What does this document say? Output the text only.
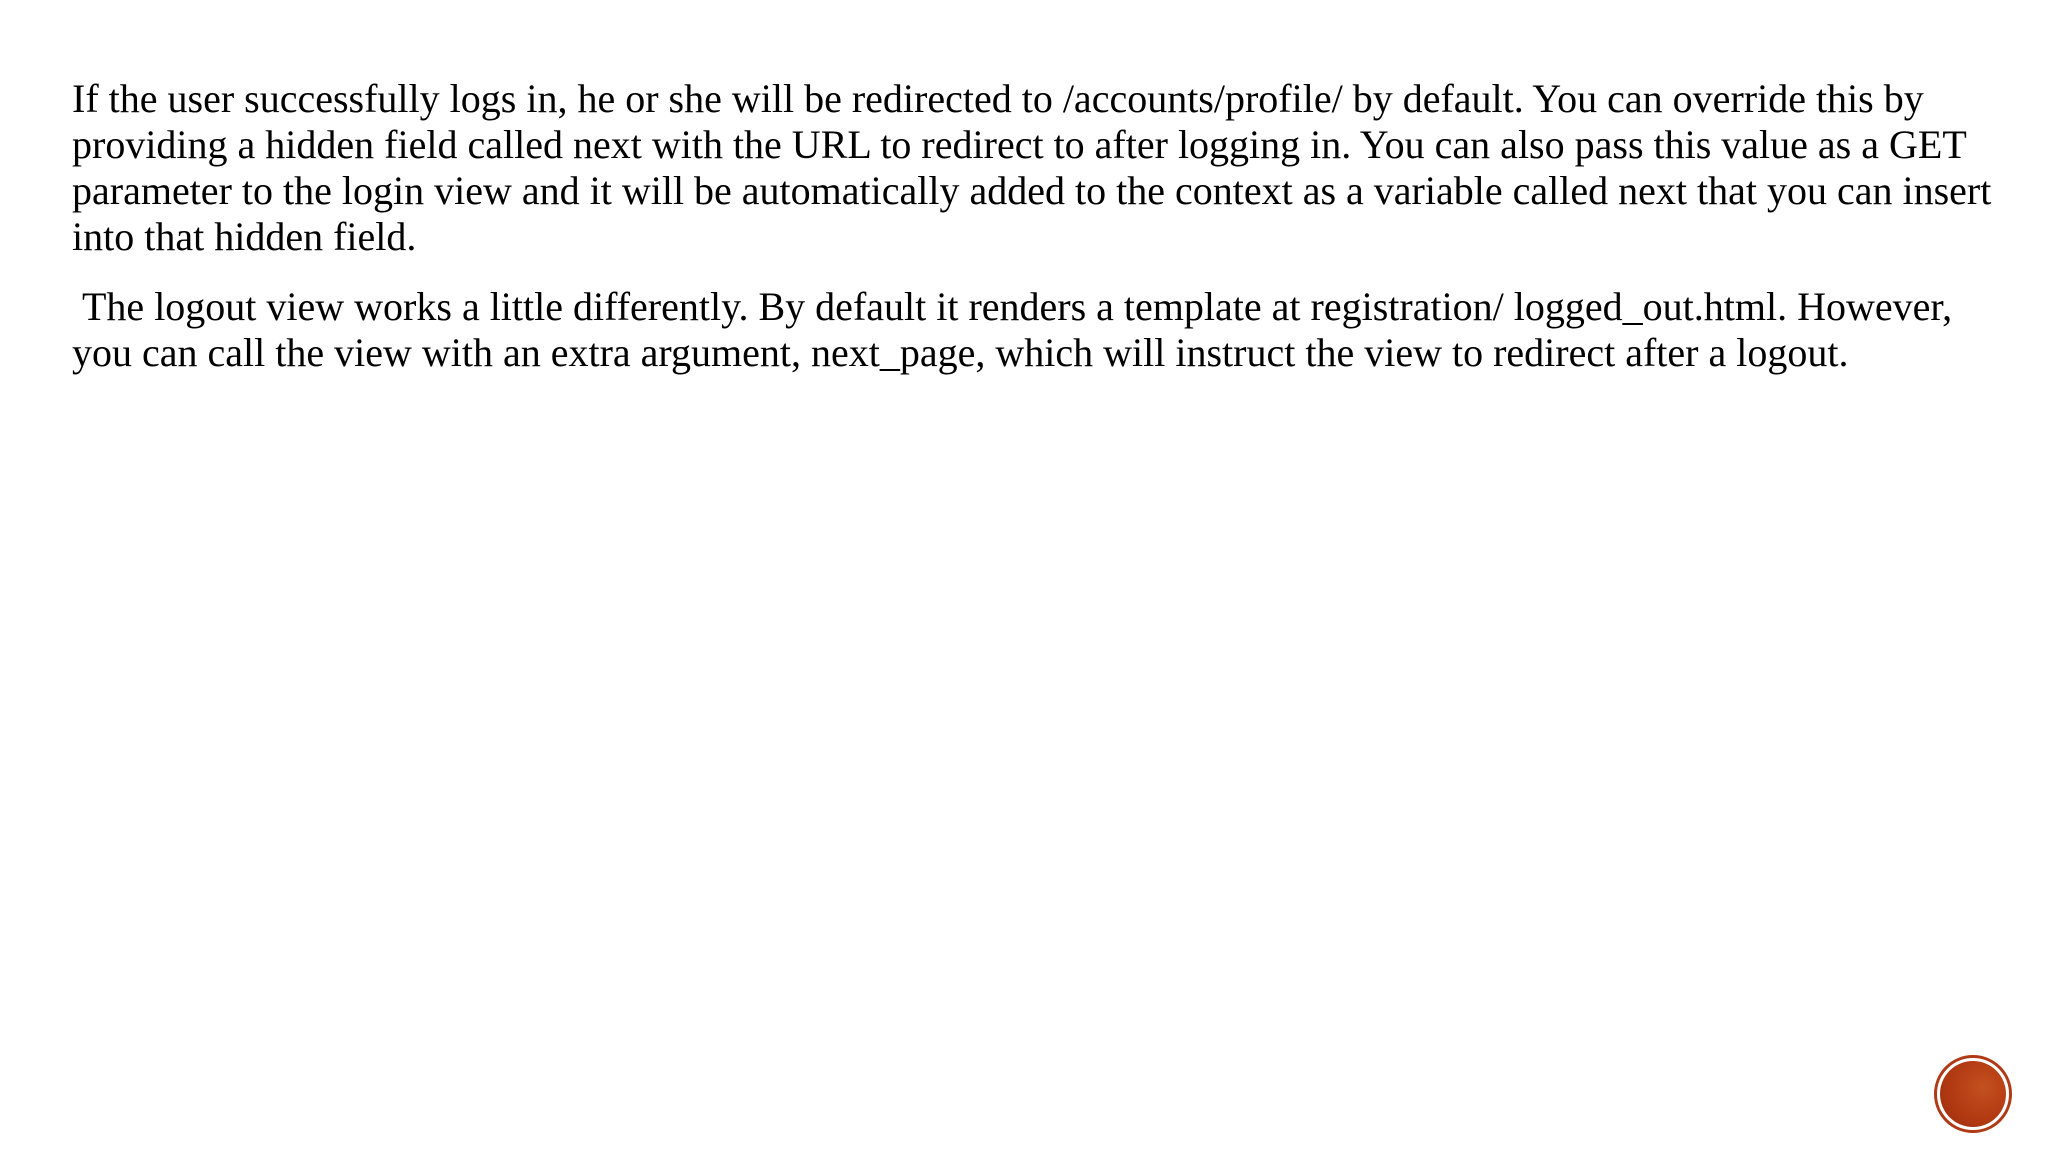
If the user successfully logs in, he or she will be redirected to /accounts/profile/ by default. You can override this by providing a hidden field called next with the URL to redirect to after logging in. You can also pass this value as a GET parameter to the login view and it will be automatically added to the context as a variable called next that you can insert into that hidden field.

The logout view works a little differently. By default it renders a template at registration/ logged_out.html. However, you can call the view with an extra argument, next_page, which will instruct the view to redirect after a logout.
